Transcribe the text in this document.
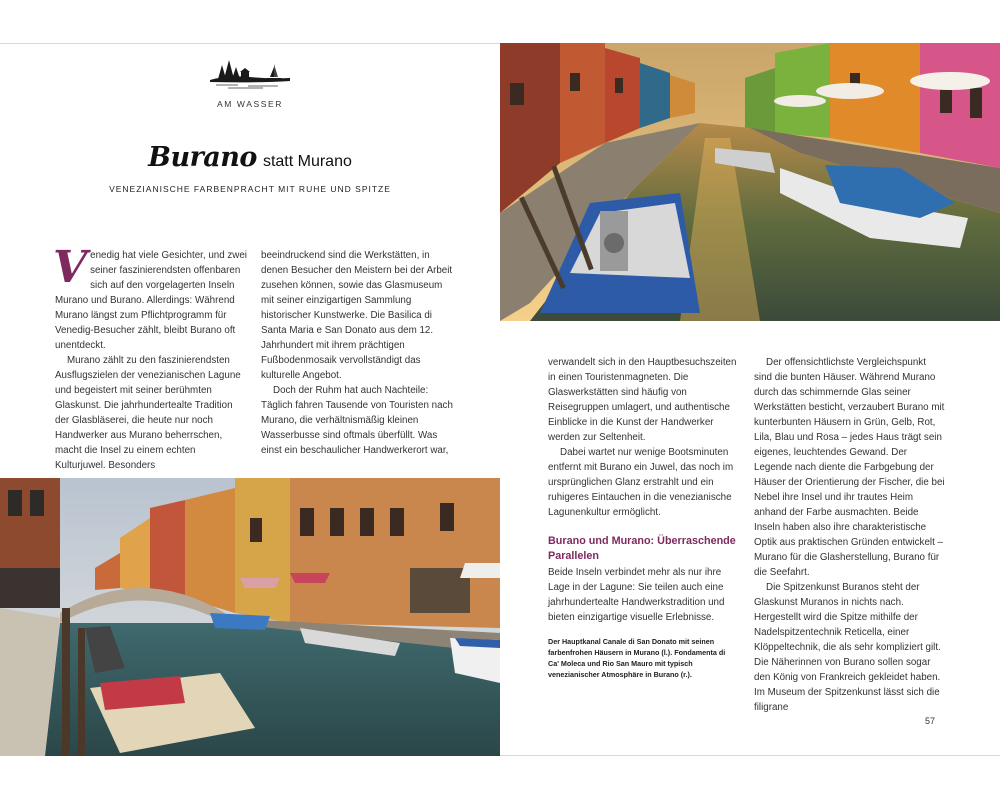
AM WASSER
Burano statt Murano
VENEZIANISCHE FARBENPRACHT MIT RUHE UND SPITZE

Venedig hat viele Gesichter, und zwei seiner faszinierendsten offenbaren sich auf den vorgelagerten Inseln Murano und Burano. Allerdings: Während Murano längst zum Pflichtprogramm für Venedig-Besucher zählt, bleibt Burano oft unentdeckt.

Murano zählt zu den faszinierendsten Ausflugszielen der venezianischen Lagune und begeistert mit seiner berühmten Glaskunst. Die jahrhundertealte Tradition der Glasbläserei, die heute nur noch Handwerker aus Murano beherrschen, macht die Insel zu einem echten Kulturjuwel. Besonders

beeindruckend sind die Werkstätten, in denen Besucher den Meistern bei der Arbeit zusehen können, sowie das Glasmuseum mit seiner einzigartigen Sammlung historischer Kunstwerke. Die Basilica di Santa Maria e San Donato aus dem 12. Jahrhundert mit ihrem prächtigen Fußbodenmosaik vervollständigt das kulturelle Angebot.

Doch der Ruhm hat auch Nachteile: Täglich fahren Tausende von Touristen nach Murano, die verhältnismäßig kleinen Wasserbusse sind oftmals überfüllt. Was einst ein beschaulicher Handwerkerort war,

verwandelt sich in den Hauptbesuchszeiten in einen Touristenmagneten. Die Glaswerkstätten sind häufig von Reisegruppen umlagert, und authentische Einblicke in die Kunst der Handwerker werden zur Seltenheit.

Dabei wartet nur wenige Bootsminuten entfernt mit Burano ein Juwel, das noch im ursprünglichen Glanz erstrahlt und ein ruhigeres Eintauchen in die venezianische Lagunenkultur ermöglicht.

Burano und Murano: Überraschende Parallelen

Beide Inseln verbindet mehr als nur ihre Lage in der Lagune: Sie teilen auch eine jahrhundertealte Handwerkstradition und bieten einzigartige visuelle Erlebnisse.

Der offensichtlichste Vergleichspunkt sind die bunten Häuser. Während Murano durch das schimmernde Glas seiner Werkstätten besticht, verzaubert Burano mit kunterbunten Häusern in Grün, Gelb, Rot, Lila, Blau und Rosa – jedes Haus trägt sein eigenes, leuchtendes Gewand. Der Legende nach diente die Farbgebung der Häuser der Orientierung der Fischer, die bei Nebel ihre Insel und ihr trautes Heim anhand der Farbe ausmachten. Beide Inseln haben also ihre charakteristische Optik aus praktischen Gründen entwickelt – Murano für die Glasherstellung, Burano für die Seefahrt.

Die Spitzenkunst Buranos steht der Glaskunst Muranos in nichts nach. Hergestellt wird die Spitze mithilfe der Nadelspitzentechnik Reticella, einer Klöppeltechnik, die als sehr kompliziert gilt. Die Näherinnen von Burano sollen sogar den König von Frankreich gekleidet haben. Im Museum der Spitzenkunst lässt sich die filigrane

Der Hauptkanal Canale di San Donato mit seinen farbenfrohen Häusern in Murano (l.). Fondamenta di Ca' Moleca und Rio San Mauro mit typisch venezianischer Atmosphäre in Burano (r.).
57
